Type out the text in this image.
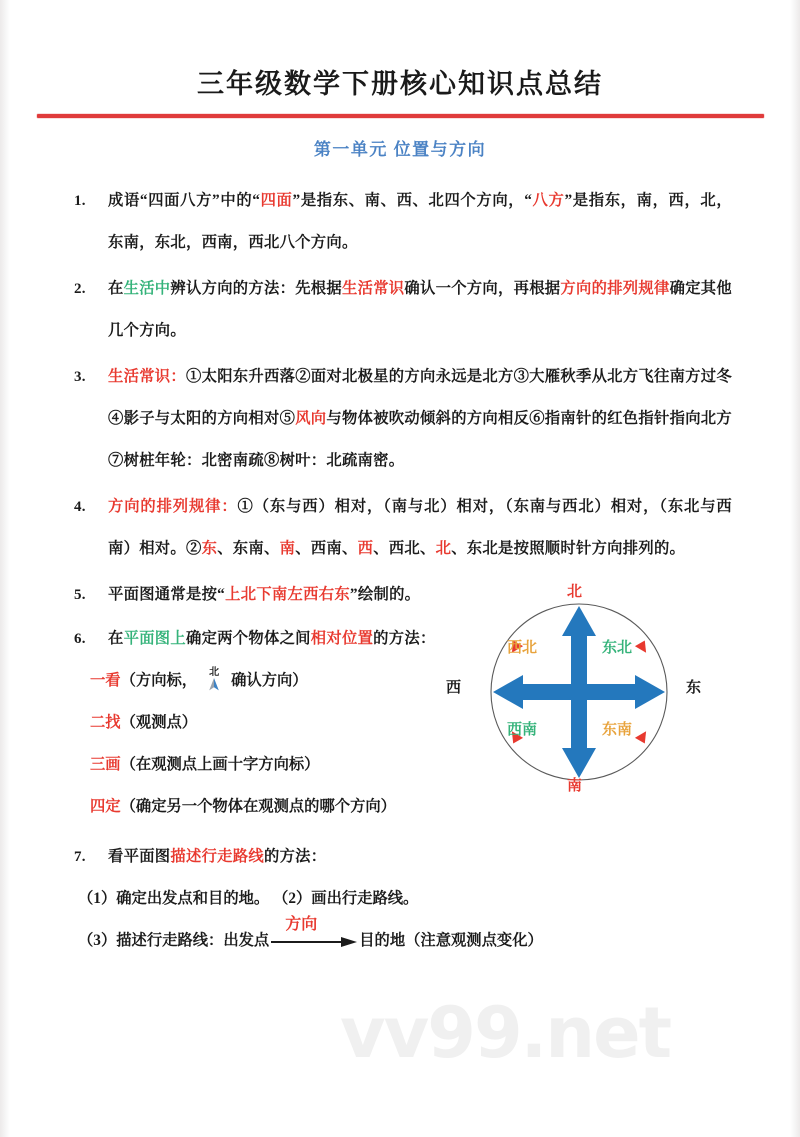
vv99.net
三年级数学下册核心知识点总结
第一单元 位置与方向
1. 成语“四面八方”中的“四面”是指东、南、西、北四个方向，“八方”是指东，南，西，北，东南，东北，西南，西北八个方向。

2. 在生活中辨认方向的方法：先根据生活常识确认一个方向，再根据方向的排列规律确定其他几个方向。

3. 生活常识：①太阳东升西落②面对北极星的方向永远是北方③大雁秋季从北方飞往南方过冬④影子与太阳的方向相对⑤风向与物体被吹动倾斜的方向相反⑥指南针的红色指针指向北方⑦树桩年轮：北密南疏⑧树叶：北疏南密。

4. 方向的排列规律：①（东与西）相对，（南与北）相对，（东南与西北）相对，（东北与西南）相对。②东、东南、南、西南、西、西北、北、东北是按照顺时针方向排列的。

5. 平面图通常是按“上北下南左西右东”绘制的。

6. 在平面图上确定两个物体之间相对位置的方法：

一看（方向标，	北 确认方向）
二找（观测点）
三画（在观测点上画十字方向标）
四定（确定另一个物体在观测点的哪个方向）
7. 看平面图描述行走路线的方法：

（1）确定出发点和目的地。 （2）画出行走路线。
（3）描述行走路线：出发点
方向
目的地（注意观测点变化）
北
南
西	东
西北	东北
西南	东南
